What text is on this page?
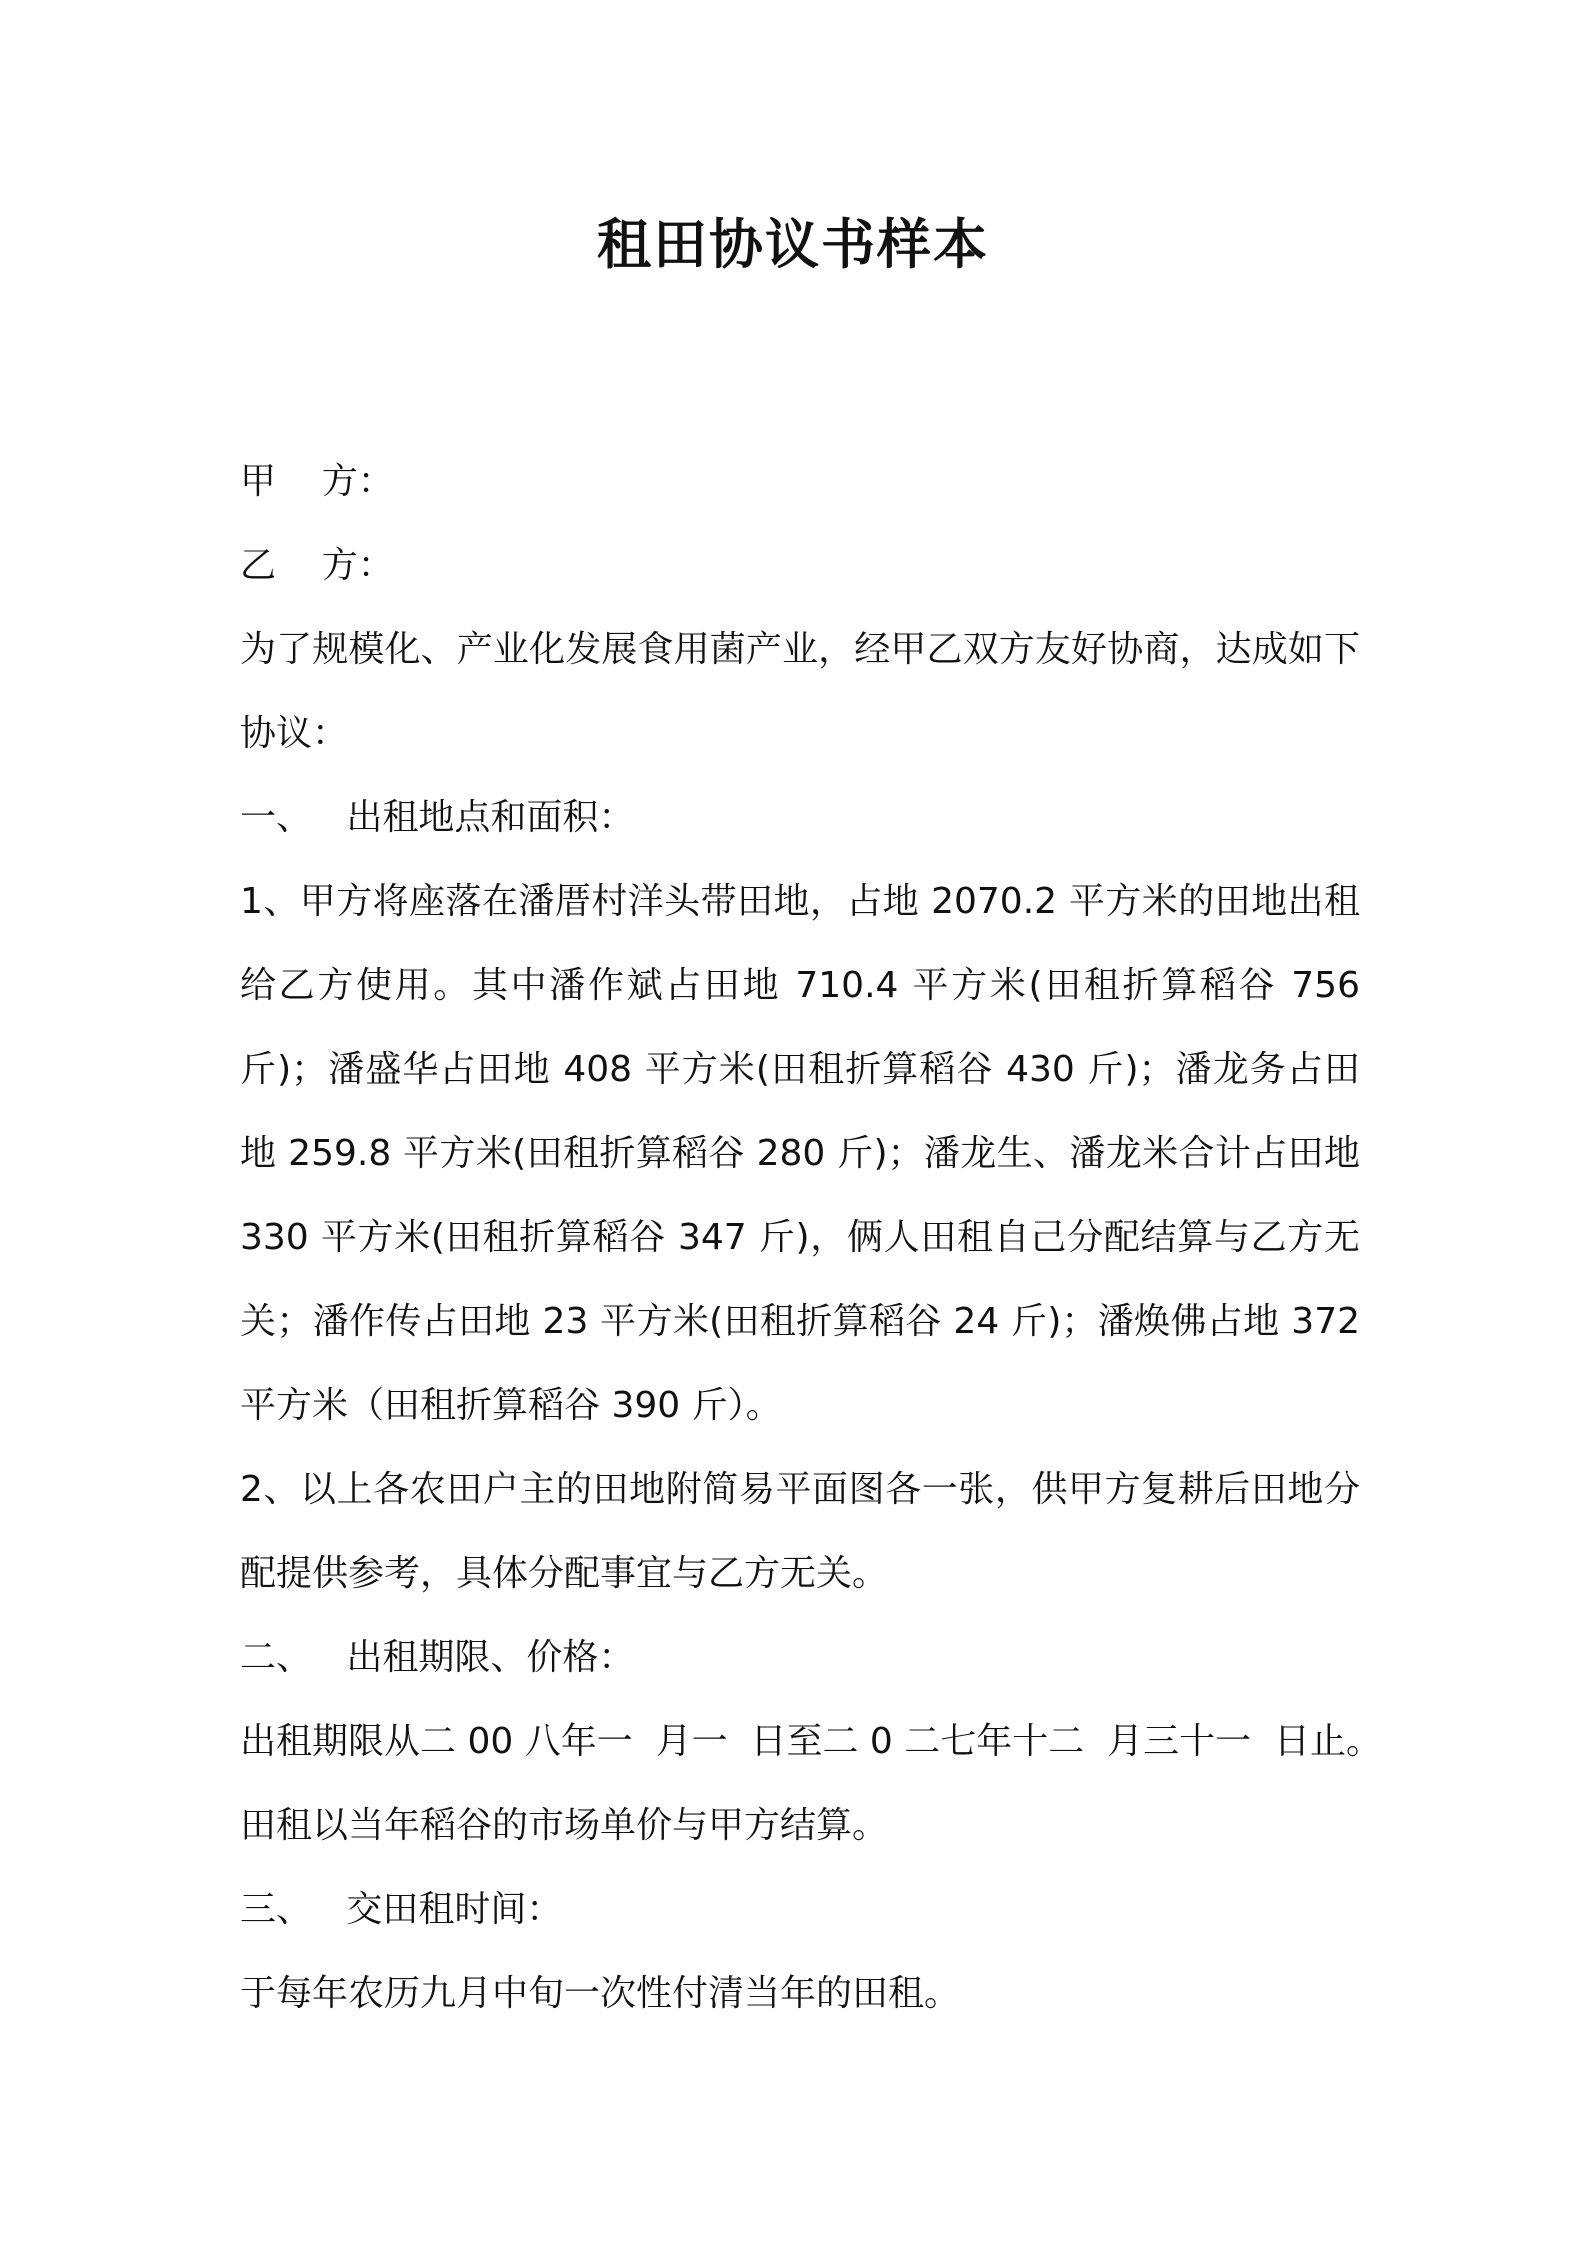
租田协议书样本

甲    方：

乙    方：

为了规模化、产业化发展食用菌产业，经甲乙双方友好协商，达成如下协议：

一、   出租地点和面积：

1、甲方将座落在潘厝村洋头带田地，占地 2070.2 平方米的田地出租给乙方使用。其中潘作斌占田地 710.4 平方米(田租折算稻谷 756 斤)；潘盛华占田地 408 平方米(田租折算稻谷 430 斤)；潘龙务占田地 259.8 平方米(田租折算稻谷 280 斤)；潘龙生、潘龙米合计占田地 330 平方米(田租折算稻谷 347 斤)，俩人田租自己分配结算与乙方无关；潘作传占田地 23 平方米(田租折算稻谷 24 斤)；潘焕佛占地 372 平方米（田租折算稻谷 390 斤）。

2、以上各农田户主的田地附简易平面图各一张，供甲方复耕后田地分配提供参考，具体分配事宜与乙方无关。

二、   出租期限、价格：

出租期限从二 00 八年一  月一  日至二 0 二七年十二  月三十一  日止。

田租以当年稻谷的市场单价与甲方结算。

三、   交田租时间：

于每年农历九月中旬一次性付清当年的田租。
